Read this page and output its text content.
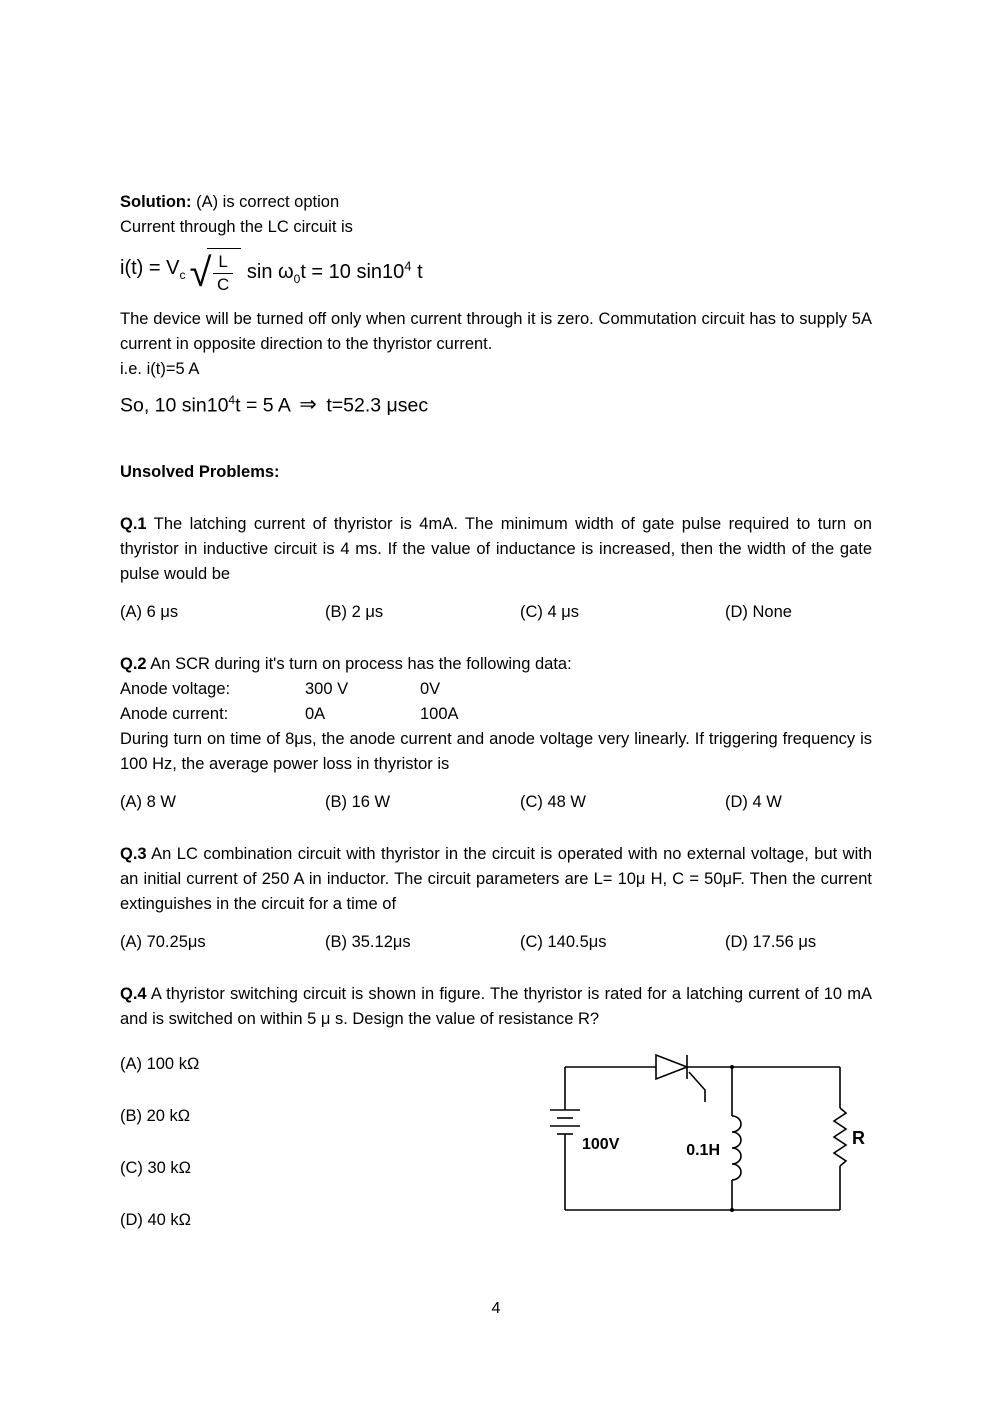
Solution: (A) is correct option

Current through the LC circuit is

$i(t) = V_c$ √ $\frac{L}{C}$ $\sin \omega_0t = 10$ $\sin 10^4$ t

The device will be turned off only when current through it is zero. Commutation circuit has to supply 5A current in opposite direction to the thyristor current.

i.e. i(t)=5 A

So, 10 $\sin 10^4t = 5$ A ⇒ t=52.3 μsec

Unsolved Problems:

Q.1 The latching current of thyristor is 4mA. The minimum width of gate pulse required to turn on thyristor in inductive circuit is 4 ms. If the value of inductance is increased, then the width of the gate pulse would be

(A) 6 μs	(B) 2 μs	(C) 4 μs	(D) None

Q.2 An SCR during it's turn on process has the following data:

Anode voltage:	300 V	0V
Anode current:	0A	100A

During turn on time of 8μs, the anode current and anode voltage very linearly. If triggering frequency is 100 Hz, the average power loss in thyristor is

(A) 8 W	(B) 16 W	(C) 48 W	(D) 4 W

Q.3 An LC combination circuit with thyristor in the circuit is operated with no external voltage, but with an initial current of 250 A in inductor. The circuit parameters are L= 10μ H, C = 50μF. Then the current extinguishes in the circuit for a time of

(A) 70.25μs	(B) 35.12μs	(C) 140.5μs	(D) 17.56 μs

Q.4 A thyristor switching circuit is shown in figure. The thyristor is rated for a latching current of 10 mA and is switched on within 5 μ s. Design the value of resistance R?

(A) 100 kΩ

(B) 20 kΩ

(C) 30 kΩ

(D) 40 kΩ

100V	0.1H
R
4
